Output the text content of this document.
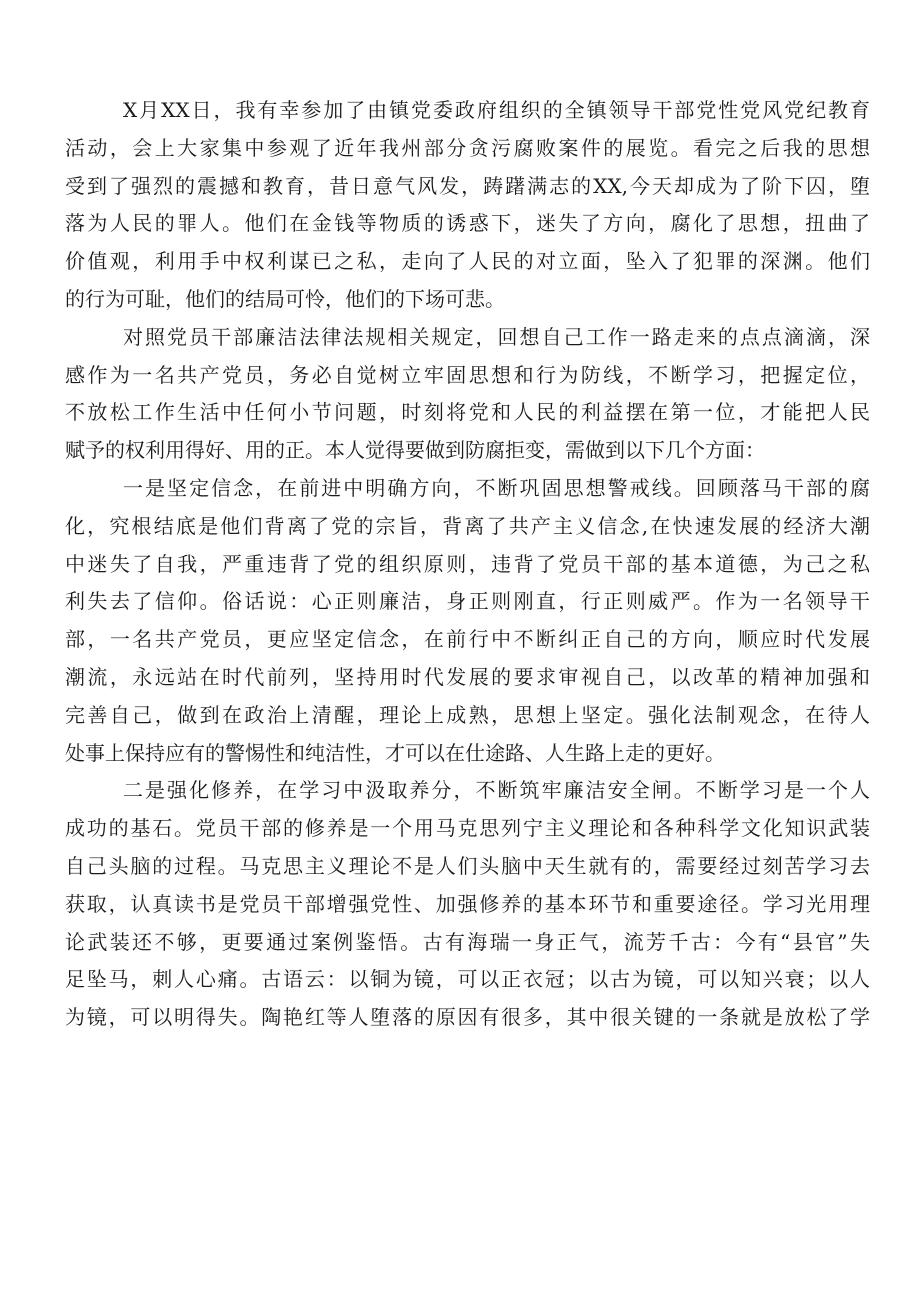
X月XX日，我有幸参加了由镇党委政府组织的全镇领导干部党性党风党纪教育
活动，会上大家集中参观了近年我州部分贪污腐败案件的展览。看完之后我的思想
受到了强烈的震撼和教育，昔日意气风发，踌躇满志的XX,今天却成为了阶下囚，堕
落为人民的罪人。他们在金钱等物质的诱惑下，迷失了方向，腐化了思想，扭曲了
价值观，利用手中权利谋已之私，走向了人民的对立面，坠入了犯罪的深渊。他们
的行为可耻，他们的结局可怜，他们的下场可悲。
对照党员干部廉洁法律法规相关规定，回想自己工作一路走来的点点滴滴，深
感作为一名共产党员，务必自觉树立牢固思想和行为防线，不断学习，把握定位，
不放松工作生活中任何小节问题，时刻将党和人民的利益摆在第一位，才能把人民
赋予的权利用得好、用的正。本人觉得要做到防腐拒变，需做到以下几个方面：
一是坚定信念，在前进中明确方向，不断巩固思想警戒线。回顾落马干部的腐
化，究根结底是他们背离了党的宗旨，背离了共产主义信念,在快速发展的经济大潮
中迷失了自我，严重违背了党的组织原则，违背了党员干部的基本道德，为己之私
利失去了信仰。俗话说：心正则廉洁，身正则刚直，行正则威严。作为一名领导干
部，一名共产党员，更应坚定信念，在前行中不断纠正自己的方向，顺应时代发展
潮流，永远站在时代前列，坚持用时代发展的要求审视自己，以改革的精神加强和
完善自己，做到在政治上清醒，理论上成熟，思想上坚定。强化法制观念，在待人
处事上保持应有的警惕性和纯洁性，才可以在仕途路、人生路上走的更好。
二是强化修养，在学习中汲取养分，不断筑牢廉洁安全闸。不断学习是一个人
成功的基石。党员干部的修养是一个用马克思列宁主义理论和各种科学文化知识武装
自己头脑的过程。马克思主义理论不是人们头脑中天生就有的，需要经过刻苦学习去
获取，认真读书是党员干部增强党性、加强修养的基本环节和重要途径。学习光用理
论武装还不够，更要通过案例鉴悟。古有海瑞一身正气，流芳千古：今有“县官”失
足坠马，刺人心痛。古语云：以铜为镜，可以正衣冠；以古为镜，可以知兴衰；以人
为镜，可以明得失。陶艳红等人堕落的原因有很多，其中很关键的一条就是放松了学
